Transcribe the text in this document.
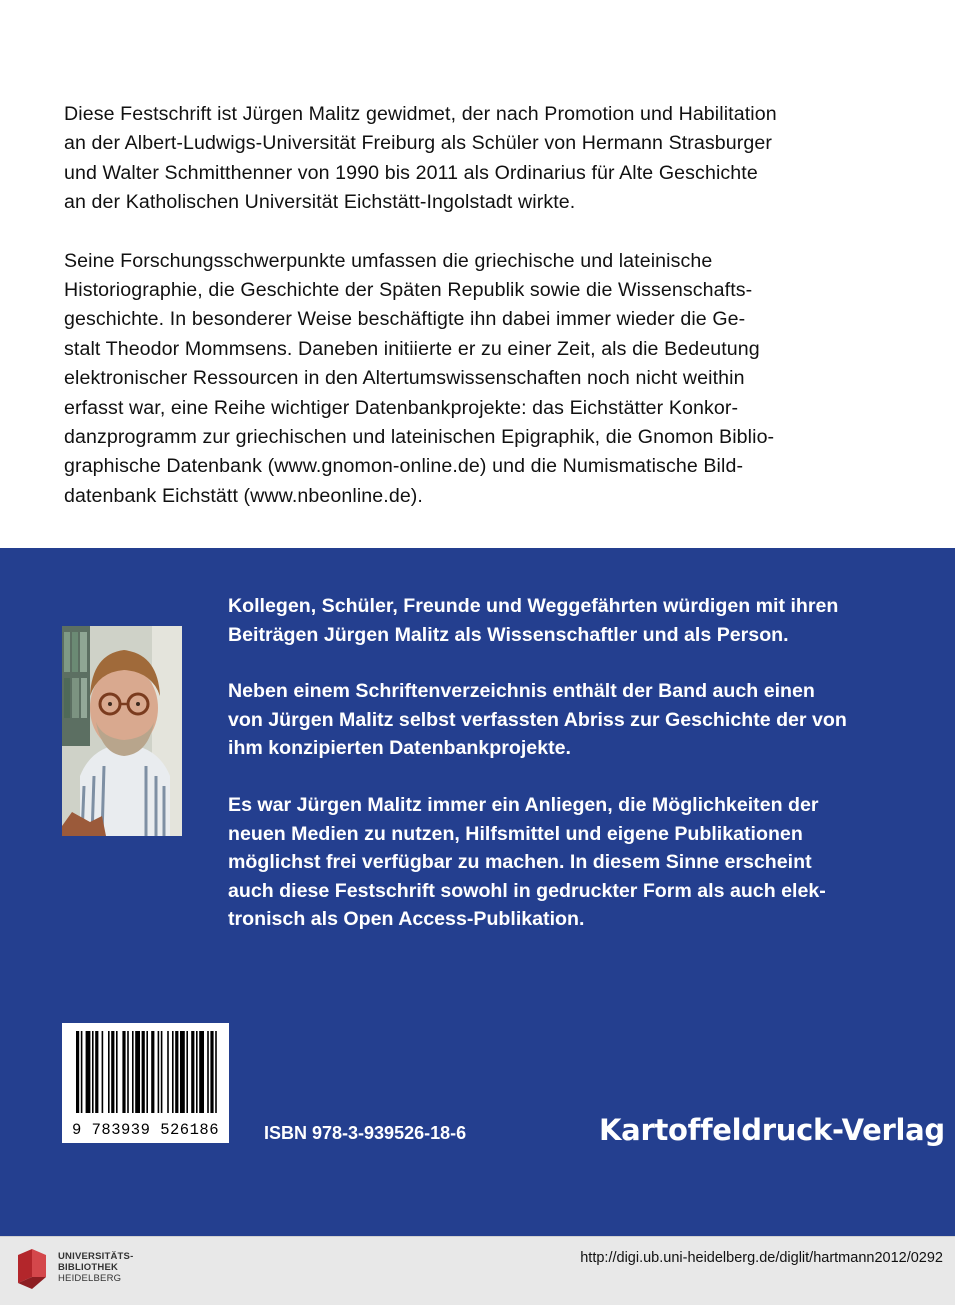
Diese Festschrift ist Jürgen Malitz gewidmet, der nach Promotion und Habilitation
an der Albert-Ludwigs-Universität Freiburg als Schüler von Hermann Strasburger
und Walter Schmitthenner von 1990 bis 2011 als Ordinarius für Alte Geschichte
an der Katholischen Universität Eichstätt-Ingolstadt wirkte.

Seine Forschungsschwerpunkte umfassen die griechische und lateinische
Historiographie, die Geschichte der Späten Republik sowie die Wissenschafts-
geschichte. In besonderer Weise beschäftigte ihn dabei immer wieder die Ge-
stalt Theodor Mommsens. Daneben initiierte er zu einer Zeit, als die Bedeutung
elektronischer Ressourcen in den Altertumswissenschaften noch nicht weithin
erfasst war, eine Reihe wichtiger Datenbankprojekte: das Eichstätter Konkor-
danzprogramm zur griechischen und lateinischen Epigraphik, die Gnomon Biblio-
graphische Datenbank (www.gnomon-online.de) und die Numismatische Bild-
datenbank Eichstätt (www.nbeonline.de).

Kollegen, Schüler, Freunde und Weggefährten würdigen mit ihren
Beiträgen Jürgen Malitz als Wissenschaftler und als Person.

Neben einem Schriftenverzeichnis enthält der Band auch einen
von Jürgen Malitz selbst verfassten Abriss zur Geschichte der von
ihm konzipierten Datenbankprojekte.

Es war Jürgen Malitz immer ein Anliegen, die Möglichkeiten der
neuen Medien zu nutzen, Hilfsmittel und eigene Publikationen
möglichst frei verfügbar zu machen. In diesem Sinne erscheint
auch diese Festschrift sowohl in gedruckter Form als auch elek-
tronisch als Open Access-Publikation.

9 783939 526186	ISBN 978-3-939526-18-6	Kartoffeldruck-Verlag
UNIVERSITÄTS-
BIBLIOTHEK
HEIDELBERG
http://digi.ub.uni-heidelberg.de/diglit/hartmann2012/0292
